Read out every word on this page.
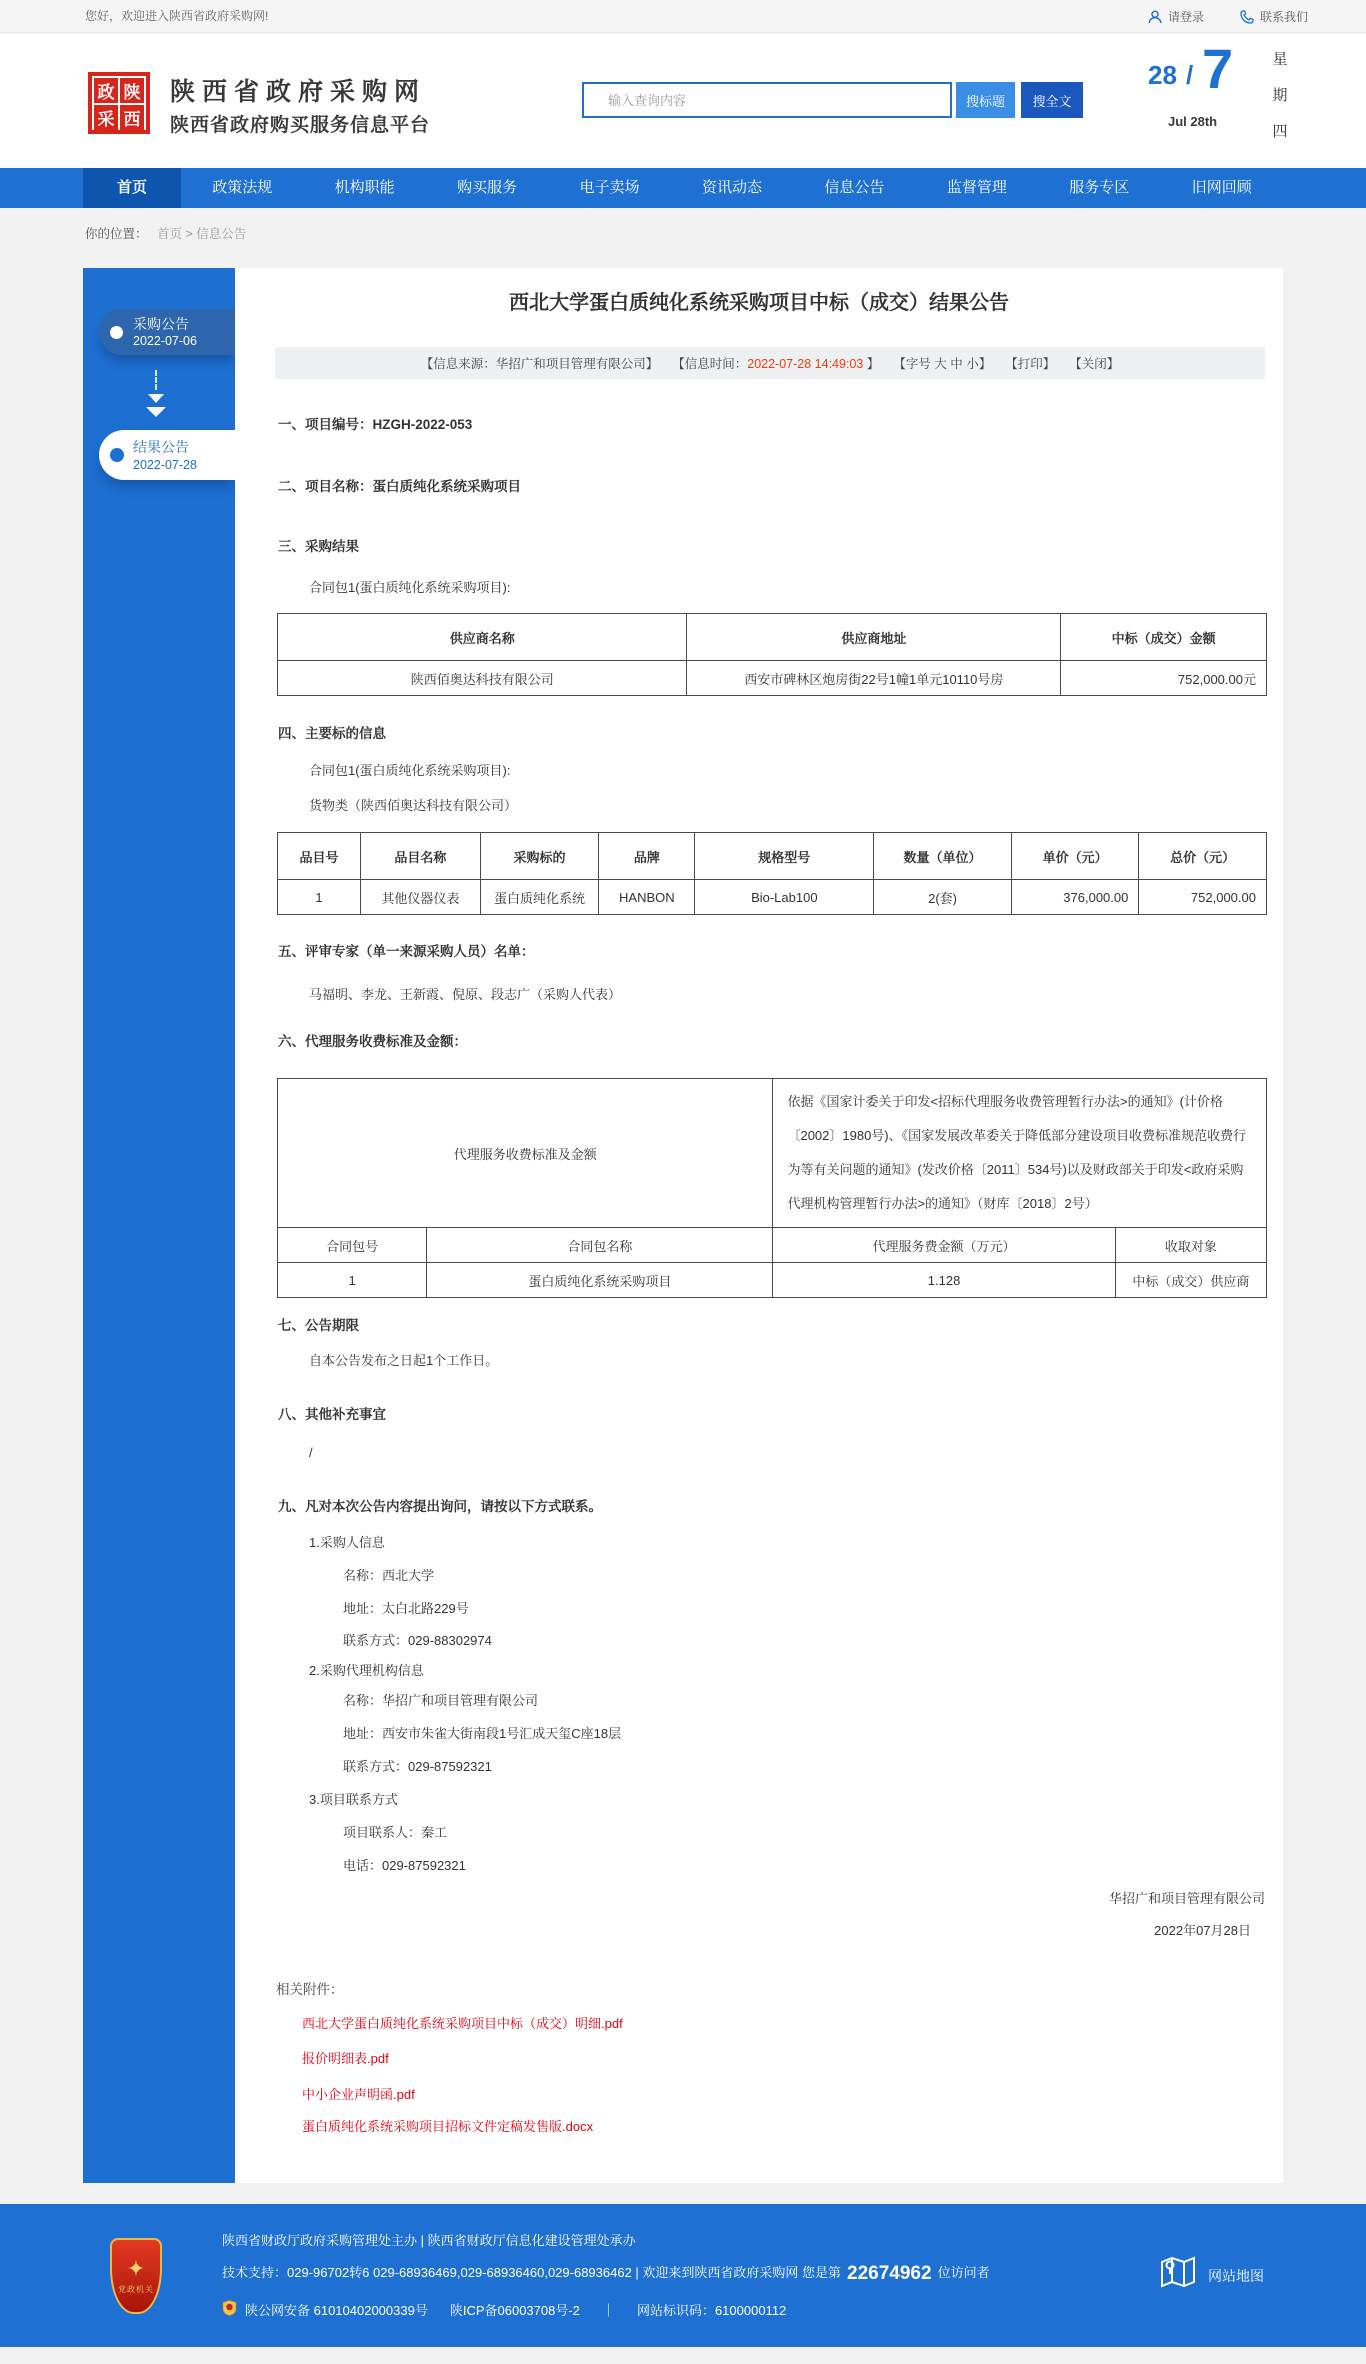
您好，欢迎进入陕西省政府采购网!	请登录	联系我们
政 陕
采 西
陕西省政府采购网
陕西省政府购买服务信息平台
输入查询内容
搜标题	搜全文
28 / 7
Jul 28th
星
期
四
首页	政策法规	机构职能	购买服务	电子卖场	资讯动态	信息公告	监督管理	服务专区	旧网回顾
你的位置： 首页 > 信息公告
采购公告
2022-07-06
结果公告
2022-07-28
西北大学蛋白质纯化系统采购项目中标（成交）结果公告
【信息来源：华招广和项目管理有限公司】 【信息时间：2022-07-28 14:49:03 】 【字号 大 中 小】 【打印】 【关闭】
一、项目编号：HZGH-2022-053
二、项目名称：蛋白质纯化系统采购项目
三、采购结果
合同包1(蛋白质纯化系统采购项目):
供应商名称	供应商地址	中标（成交）金额
陕西佰奥达科技有限公司	西安市碑林区炮房街22号1幢1单元10110号房	752,000.00元
四、主要标的信息
合同包1(蛋白质纯化系统采购项目):
货物类（陕西佰奥达科技有限公司）
品目号	品目名称	采购标的	品牌	规格型号	数量（单位）	单价（元）	总价（元）
1	其他仪器仪表	蛋白质纯化系统	HANBON	Bio-Lab100	2(套)	376,000.00	752,000.00
五、评审专家（单一来源采购人员）名单：
马福明、李龙、王新霞、倪原、段志广（采购人代表）
六、代理服务收费标准及金额：
代理服务收费标准及金额		依据《国家计委关于印发<招标代理服务收费管理暂行办法>的通知》(计价格〔2002〕1980号)、《国家发展改革委关于降低部分建设项目收费标准规范收费行为等有关问题的通知》(发改价格〔2011〕534号)以及财政部关于印发<政府采购代理机构管理暂行办法>的通知》（财库〔2018〕2号）	
合同包号	合同包名称	代理服务费金额（万元）	收取对象
1	蛋白质纯化系统采购项目	1.128	中标（成交）供应商
七、公告期限
自本公告发布之日起1个工作日。
八、其他补充事宜
/
九、凡对本次公告内容提出询问，请按以下方式联系。
1.采购人信息
名称：西北大学
地址：太白北路229号
联系方式：029-88302974
2.采购代理机构信息
名称：华招广和项目管理有限公司
地址：西安市朱雀大街南段1号汇成天玺C座18层
联系方式：029-87592321
3.项目联系方式
项目联系人：秦工
电话：029-87592321
华招广和项目管理有限公司
2022年07月28日
相关附件：
西北大学蛋白质纯化系统采购项目中标（成交）明细.pdf
报价明细表.pdf
中小企业声明函.pdf
蛋白质纯化系统采购项目招标文件定稿发售版.docx
✦
党政机关
陕西省财政厅政府采购管理处主办 | 陕西省财政厅信息化建设管理处承办
技术支持：029-96702转6 029-68936469,029-68936460,029-68936462 | 欢迎来到陕西省政府采购网 您是第 22674962 位访问者
陕公网安备 61010402000339号 陕ICP备06003708号-2 ｜ 网站标识码：6100000112
网站地图
